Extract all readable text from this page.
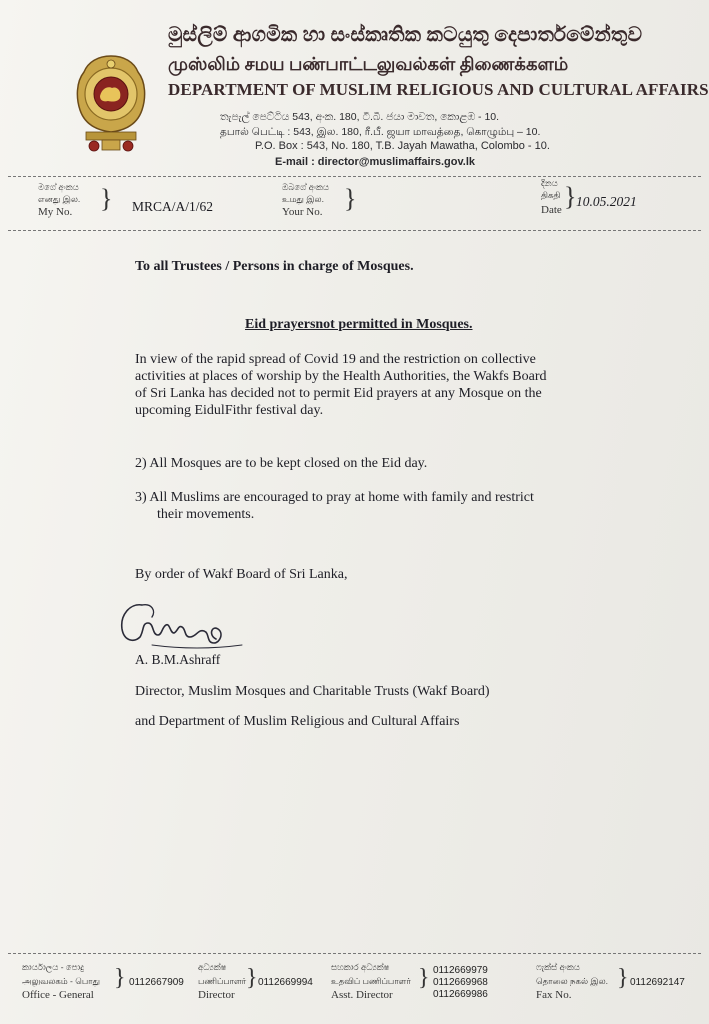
මුස්ලිම් ආගමික හා සංස්කෘතික කටයුතු දෙපාර්තමේන්තුව
முஸ்லிம் சமய பண்பாட்டலுவல்கள் திணைக்களம்
DEPARTMENT OF MUSLIM RELIGIOUS AND CULTURAL AFFAIRS
තැපැල් පෙට්ටිය 543, අංක. 180, ටී.බී. ජයා මාවත, කොළඹ - 10.
தபால் பெட்டி : 543, இல. 180, ரீ.பீ. ஜயா மாவத்தை, கொழும்பு – 10.
P.O. Box : 543, No. 180, T.B. Jayah Mawatha, Colombo - 10.
E-mail : director@muslimaffairs.gov.lk
මගේ අංකය
எனது இல.
My No. } MRCA/A/1/62
ඔබගේ අංකය
உமது இல.
Your No. }
දිනය
திகதி
Date } 10.05.2021
To all Trustees / Persons in charge of Mosques.
Eid prayersnot permitted in Mosques.
In view of the rapid spread of Covid 19 and the restriction on collective
activities at places of worship by the Health Authorities, the Wakfs Board
of Sri Lanka has decided not to permit Eid prayers at any Mosque on the
upcoming EidulFithr festival day.
2) All Mosques are to be kept closed on the Eid day.
3) All Muslims are encouraged to pray at home with family and restrict
their movements.
By order of Wakf Board of Sri Lanka,
A. B.M.Ashraff
Director, Muslim Mosques and Charitable Trusts (Wakf Board)
and Department of Muslim Religious and Cultural Affairs
කාර්යාලය - පොදු
அலுவலகம் - பொது
Office - General
} 0112667909
අධ්‍යක්ෂ
பணிப்பாளர்
Director
} 0112669994
සහකාර අධ්‍යක්ෂ
உதவிப் பணிப்பாளர்
Asst. Director
} 0112669979
0112669968
0112669986
ෆැක්ස් අංකය
தொலை நகல் இல.
Fax No.
} 0112692147
